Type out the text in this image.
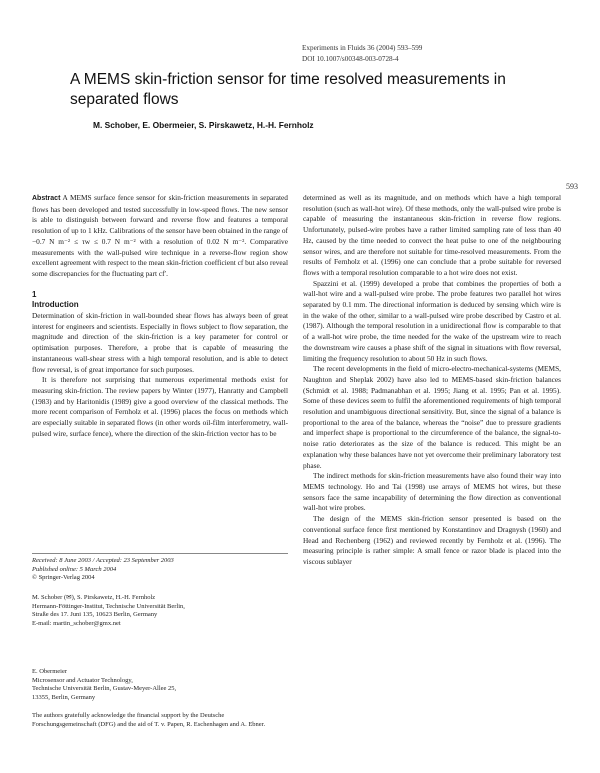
Experiments in Fluids 36 (2004) 593–599
DOI 10.1007/s00348-003-0728-4
A MEMS skin-friction sensor for time resolved measurements in separated flows
M. Schober, E. Obermeier, S. Pirskawetz, H.-H. Fernholz
593

Abstract A MEMS surface fence sensor for skin-friction measurements in separated flows has been developed and tested successfully in low-speed flows. The new sensor is able to distinguish between forward and reverse flow and features a temporal resolution of up to 1 kHz. Calibrations of the sensor have been obtained in the range of −0.7 N m⁻² ≤ τw ≤ 0.7 N m⁻² with a resolution of 0.02 N m⁻². Comparative measurements with the wall-pulsed wire technique in a reverse-flow region show excellent agreement with respect to the mean skin-friction coefficient cf but also reveal some discrepancies for the fluctuating part cf′.

1
Introduction

Determination of skin-friction in wall-bounded shear flows has always been of great interest for engineers and scientists. Especially in flows subject to flow separation, the magnitude and direction of the skin-friction is a key parameter for control or optimisation purposes. Therefore, a probe that is capable of measuring the instantaneous wall-shear stress with a high temporal resolution, and is able to detect flow reversal, is of great importance for such purposes.

It is therefore not surprising that numerous experimental methods exist for measuring skin-friction. The review papers by Winter (1977), Hanratty and Campbell (1983) and by Haritonidis (1989) give a good overview of the classical methods. The more recent comparison of Fernholz et al. (1996) places the focus on methods which are especially suitable in separated flows (in other words oil-film interferometry, wall-pulsed wire, surface fence), where the direction of the skin-friction vector has to be

Received: 8 June 2003 / Accepted: 23 September 2003
Published online: 5 March 2004
© Springer-Verlag 2004
M. Schober (✉), S. Pirskawetz, H.-H. Fernholz
Hermann-Föttinger-Institut, Technische Universität Berlin,
Straße des 17. Juni 135, 10623 Berlin, Germany
E-mail: martin_schober@gmx.net
E. Obermeier
Microsensor and Actuator Technology,
Technische Universität Berlin, Gustav-Meyer-Allee 25,
13355, Berlin, Germany
The authors gratefully acknowledge the financial support by the Deutsche Forschungsgemeinschaft (DFG) and the aid of T. v. Papen, R. Eschenhagen and A. Ebner.

determined as well as its magnitude, and on methods which have a high temporal resolution (such as wall-hot wire). Of these methods, only the wall-pulsed wire probe is capable of measuring the instantaneous skin-friction in reverse flow regions. Unfortunately, pulsed-wire probes have a rather limited sampling rate of less than 40 Hz, caused by the time needed to convect the heat pulse to one of the neighbouring sensor wires, and are therefore not suitable for time-resolved measurements. From the results of Fernholz et al. (1996) one can conclude that a probe suitable for reversed flows with a temporal resolution comparable to a hot wire does not exist.

Spazzini et al. (1999) developed a probe that combines the properties of both a wall-hot wire and a wall-pulsed wire probe. The probe features two parallel hot wires separated by 0.1 mm. The directional information is deduced by sensing which wire is in the wake of the other, similar to a wall-pulsed wire probe described by Castro et al. (1987). Although the temporal resolution in a unidirectional flow is comparable to that of a wall-hot wire probe, the time needed for the wake of the upstream wire to reach the downstream wire causes a phase shift of the signal in situations with flow reversal, limiting the frequency resolution to about 50 Hz in such flows.

The recent developments in the field of micro-electro-mechanical-systems (MEMS, Naughton and Sheplak 2002) have also led to MEMS-based skin-friction balances (Schmidt et al. 1988; Padmanabhan et al. 1995; Jiang et al. 1995; Pan et al. 1995). Some of these devices seem to fulfil the aforementioned requirements of high temporal resolution and unambiguous directional sensitivity. But, since the signal of a balance is proportional to the area of the balance, whereas the “noise” due to pressure gradients and imperfect shape is proportional to the circumference of the balance, the signal-to-noise ratio deteriorates as the size of the balance is reduced. This might be an explanation why these balances have not yet overcome their preliminary laboratory test phase.

The indirect methods for skin-friction measurements have also found their way into MEMS technology. Ho and Tai (1998) use arrays of MEMS hot wires, but these sensors face the same incapability of determining the flow direction as conventional wall-hot wire probes.

The design of the MEMS skin-friction sensor presented is based on the conventional surface fence first mentioned by Konstantinov and Dragnysh (1960) and Head and Rechenberg (1962) and reviewed recently by Fernholz et al. (1996). The measuring principle is rather simple: A small fence or razor blade is placed into the viscous sublayer
